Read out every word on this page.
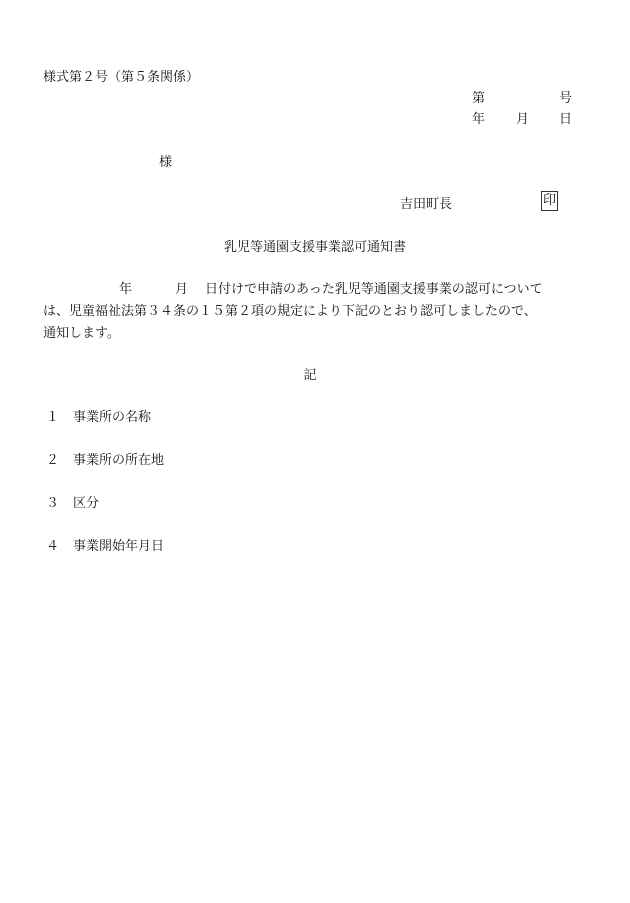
様式第２号（第５条関係）
第	号
年 月 日
様
吉田町長	印
乳児等通園支援事業認可通知書
年	月 日付けで申請のあった乳児等通園支援事業の認可について
は、児童福祉法第３４条の１５第２項の規定により下記のとおり認可しましたので、
通知します。
記
１ 事業所の名称
２ 事業所の所在地
３ 区分
４ 事業開始年月日
